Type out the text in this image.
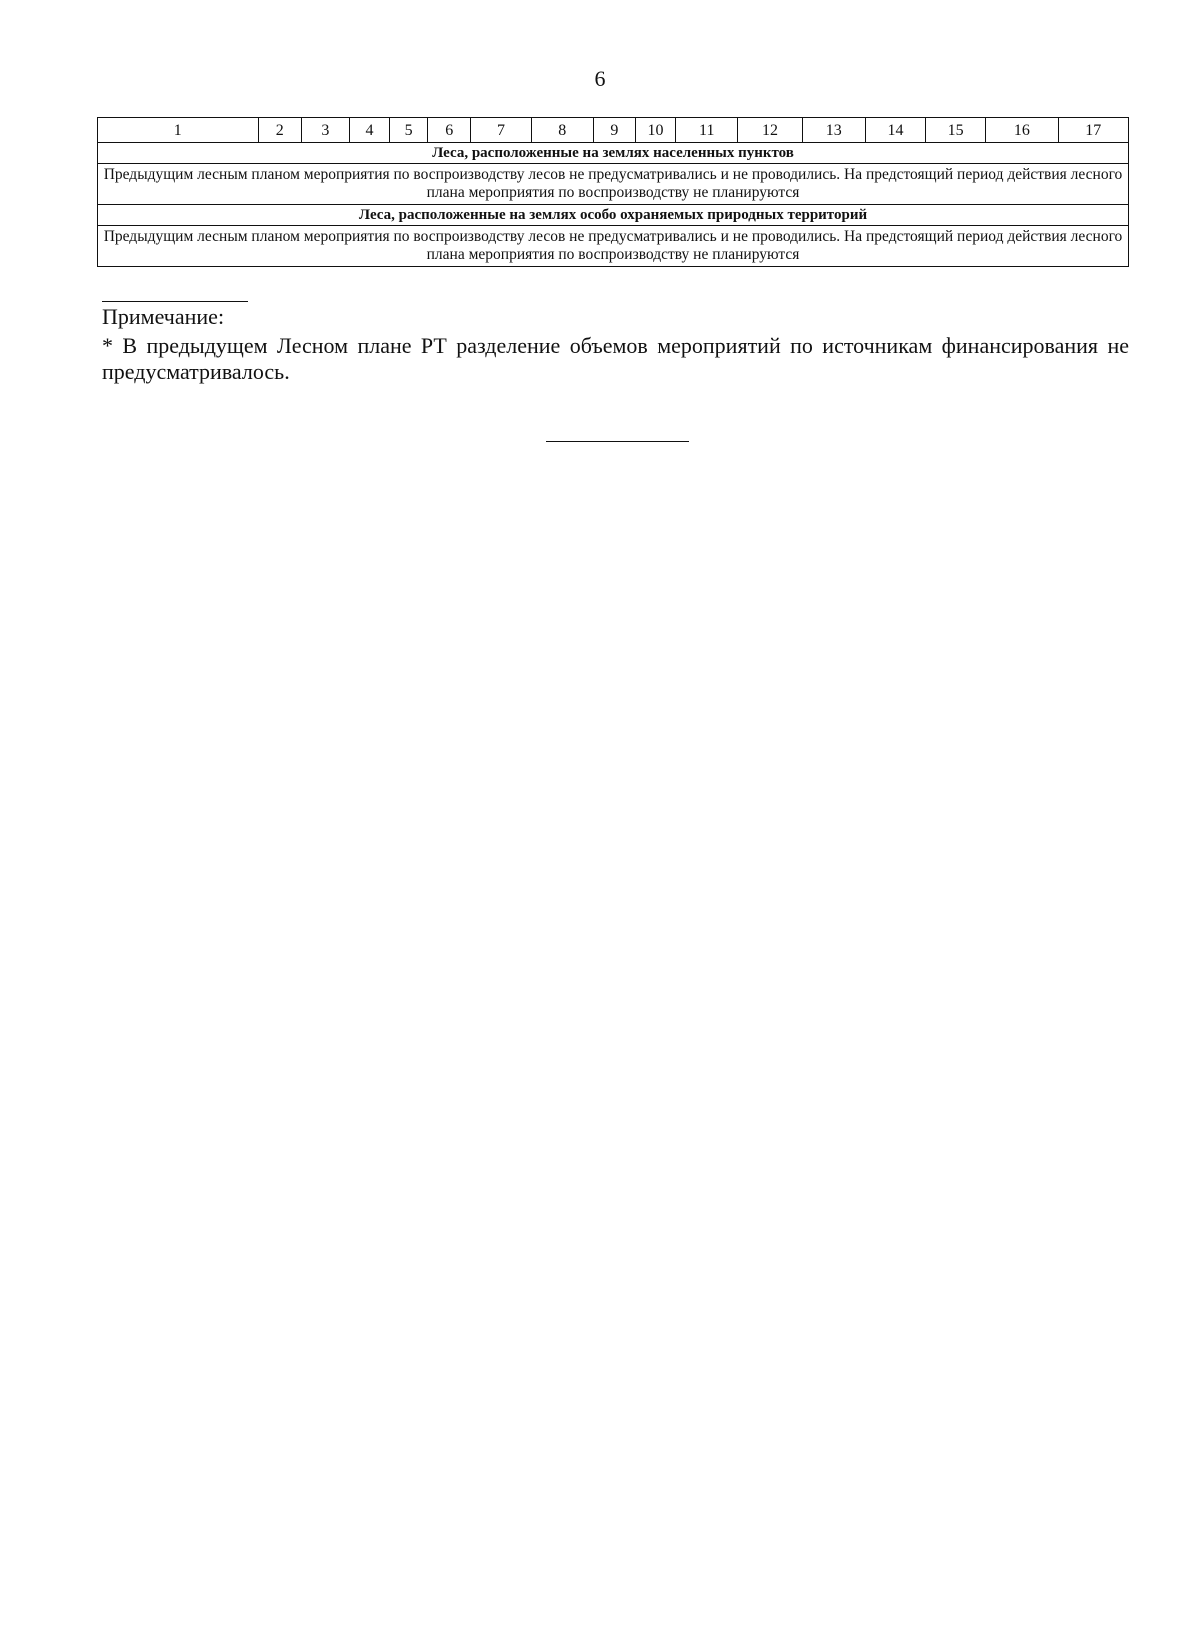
6
1	2	3	4	5	6	7	8	9	10	11	12	13	14	15	16	17
Леса, расположенные на землях населенных пунктов
Предыдущим лесным планом мероприятия по воспроизводству лесов не предусматривались и не проводились. На предстоящий период действия лесного плана мероприятия по воспроизводству не планируются
Леса, расположенные на землях особо охраняемых природных территорий
Предыдущим лесным планом мероприятия по воспроизводству лесов не предусматривались и не проводились. На предстоящий период действия лесного плана мероприятия по воспроизводству не планируются
Примечание:
* В предыдущем Лесном плане РТ разделение объемов мероприятий по источникам финансирования не предусматривалось.
